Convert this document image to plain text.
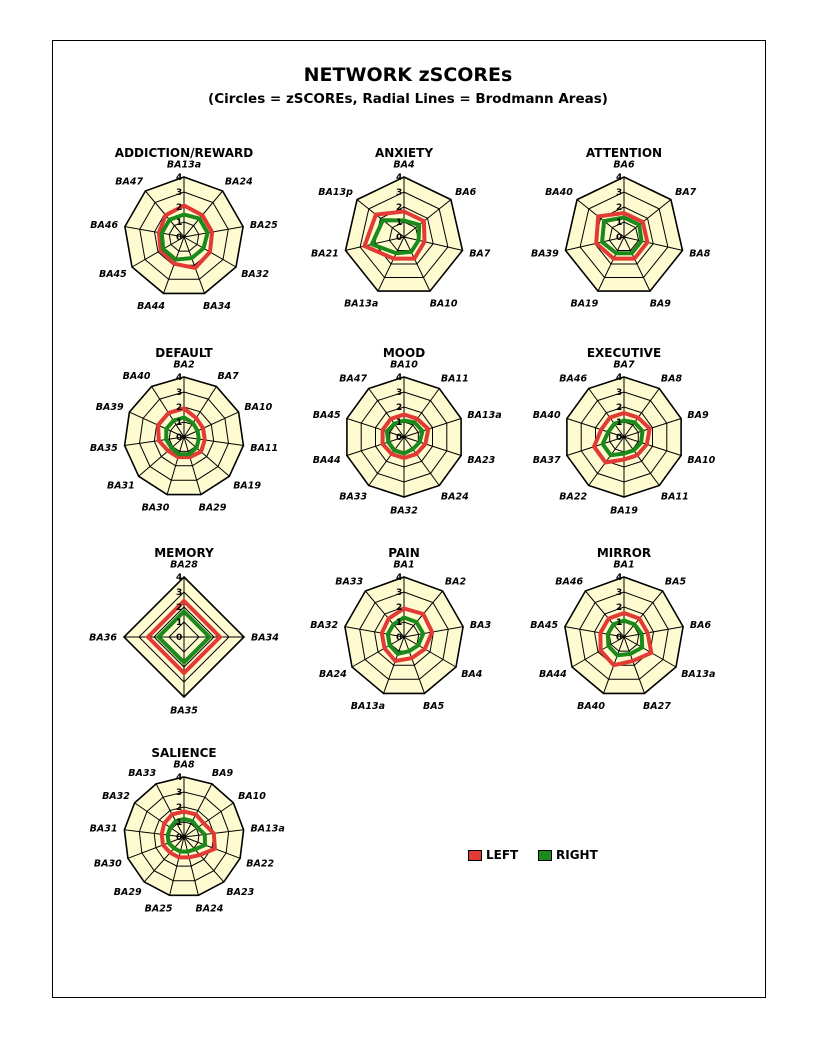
NETWORK zSCOREs
(Circles = zSCOREs, Radial Lines = Brodmann Areas)
0
1
2
3
4
BA13a
BA24
BA25
BA32
BA34
BA44
BA45
BA46
BA47
ADDICTION/REWARD
0
1
2
3
4
BA4
BA6
BA7
BA10
BA13a
BA21
BA13p
ANXIETY
0
1
2
3
4
BA6
BA7
BA8
BA9
BA19
BA39
BA40
ATTENTION
0
1
2
3
4
BA2
BA7
BA10
BA11
BA19
BA29
BA30
BA31
BA35
BA39
BA40
DEFAULT
0
1
2
3
4
BA10
BA11
BA13a
BA23
BA24
BA32
BA33
BA44
BA45
BA47
MOOD
0
1
2
3
4
BA7
BA8
BA9
BA10
BA11
BA19
BA22
BA37
BA40
BA46
EXECUTIVE
0
1
2
3
4
BA28
BA34
BA35
BA36
MEMORY
0
1
2
3
4
BA1
BA2
BA3
BA4
BA5
BA13a
BA24
BA32
BA33
PAIN
0
1
2
3
4
BA1
BA5
BA6
BA13a
BA27
BA40
BA44
BA45
BA46
MIRROR
0
1
2
3
4
BA8
BA9
BA10
BA13a
BA22
BA23
BA24
BA25
BA29
BA30
BA31
BA32
BA33
SALIENCE
LEFT	RIGHT
